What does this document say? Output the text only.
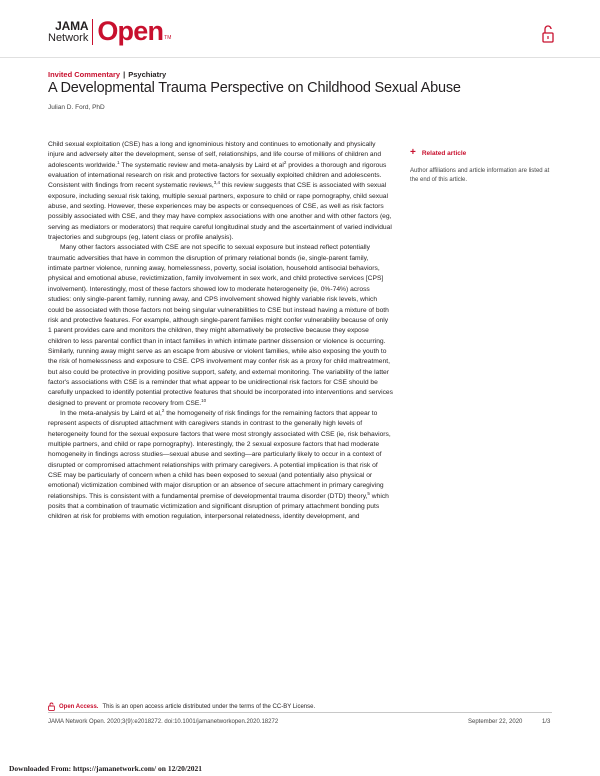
JAMA
Network Open TM
Invited Commentary | Psychiatry
A Developmental Trauma Perspective on Childhood Sexual Abuse
Julian D. Ford, PhD

Child sexual exploitation (CSE) has a long and ignominious history and continues to emotionally and physically injure and adversely alter the development, sense of self, relationships, and life course of millions of children and adolescents worldwide.$^1$ The systematic review and meta-analysis by Laird et $al^2$ provides a thorough and rigorous evaluation of international research on risk and protective factors for sexually exploited children and adolescents. Consistent with findings from recent systematic reviews,$^{3,4}$ this review suggests that CSE is associated with sexual exposure, including sexual risk taking, multiple sexual partners, exposure to child or rape pornography, child sexual abuse, and sexting. However, these experiences may be aspects or consequences of CSE, as well as risk factors possibly associated with CSE, and they may have complex associations with one another and with other factors (eg, serving as mediators or moderators) that require careful longitudinal study and the ascertainment of varied individual trajectories and subgroups (eg, latent class or profile analysis).

Many other factors associated with CSE are not specific to sexual exposure but instead reflect potentially traumatic adversities that have in common the disruption of primary relational bonds (ie, single-parent family, intimate partner violence, running away, homelessness, poverty, social isolation, household antisocial behaviors, physical and emotional abuse, revictimization, family involvement in sex work, and child protective services [CPS] involvement). Interestingly, most of these factors showed low to moderate heterogeneity (ie, 0%-74%) across studies: only single-parent family, running away, and CPS involvement showed highly variable risk levels, which could be associated with those factors not being singular vulnerabilities to CSE but instead having a mixture of both risk and protective features. For example, although single-parent families might confer vulnerability because of only 1 parent provides care and monitors the children, they might alternatively be protective because they expose children to less parental conflict than in intact families in which intimate partner dissension or violence is occurring. Similarly, running away might serve as an escape from abusive or violent families, while also exposing the youth to the risk of homelessness and exposure to CSE. CPS involvement may confer risk as a proxy for child maltreatment, but also could be protective in providing positive support, safety, and external monitoring. The variability of the latter factor's associations with CSE is a reminder that what appear to be unidirectional risk factors for CSE should be carefully unpacked to identify potential protective features that should be incorporated into interventions and services designed to prevent or promote recovery from CSE.$^{10}$

In the meta-analysis by Laird et al,$^2$ the homogeneity of risk findings for the remaining factors that appear to represent aspects of disrupted attachment with caregivers stands in contrast to the generally high levels of heterogeneity found for the sexual exposure factors that were most strongly associated with CSE (ie, risk behaviors, multiple partners, and child or rape pornography). Interestingly, the 2 sexual exposure factors that had moderate homogeneity in findings across studies—sexual abuse and sexting—are particularly likely to occur in a context of disrupted or compromised attachment relationships with primary caregivers. A potential implication is that risk of CSE may be particularly of concern when a child has been exposed to sexual (and potentially also physical or emotional) victimization combined with major disruption or an absence of secure attachment in primary caregiving relationships. This is consistent with a fundamental premise of developmental trauma disorder (DTD) theory,$^5$ which posits that a combination of traumatic victimization and significant disruption of primary attachment bonding puts children at risk for problems with emotion regulation, interpersonal relatedness, identity development, and

+ Related article
Author affiliations and article information are listed at the end of this article.
Open Access. This is an open access article distributed under the terms of the CC-BY License.
JAMA Network Open. 2020;3(9):e2018272. doi:10.1001/jamanetworkopen.2020.18272	September 22, 2020	1/3
Downloaded From: https://jamanetwork.com/ on 12/20/2021
